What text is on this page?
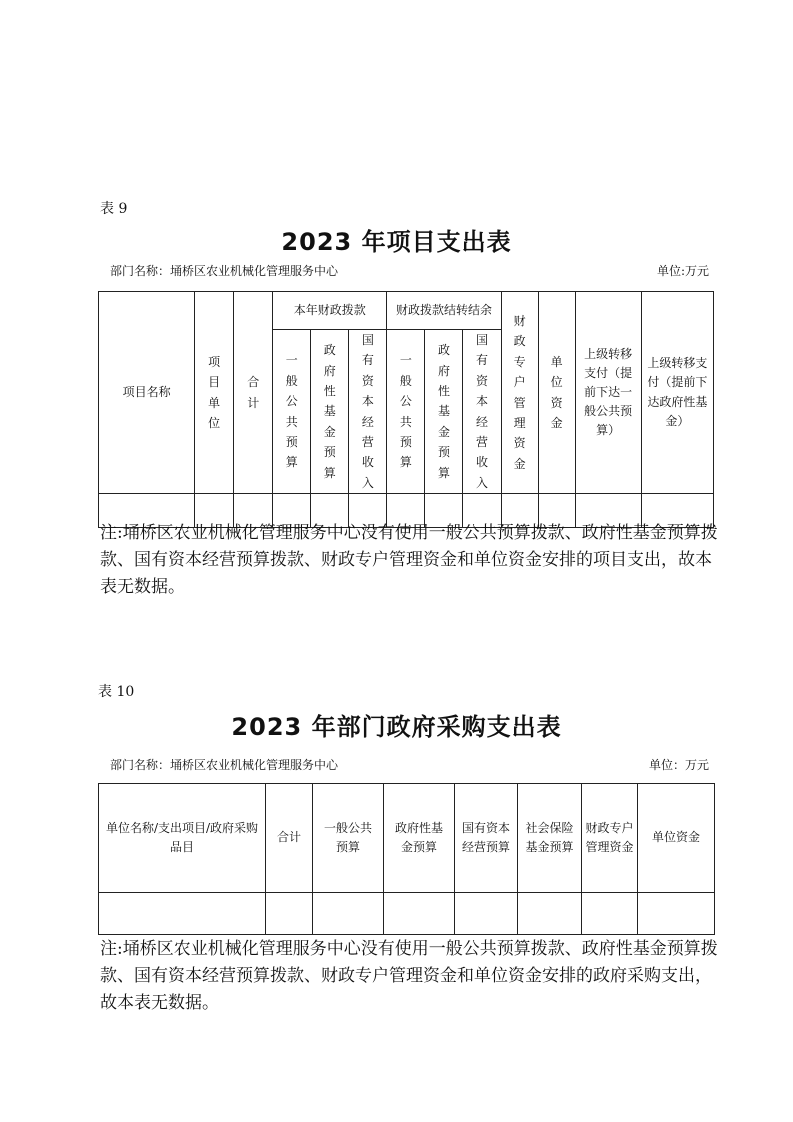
表 9
2023 年项目支出表
部门名称：埇桥区农业机械化管理服务中心	单位:万元
项目名称	项目单位	合计	本年财政拨款			财政拨款结转结余			财政专户管理资金	单位资金	上级转移支付（提前下达一般公共预算）	上级转移支付（提前下达政府性基金）

			一般公共预算	政府性基金预算	国有资本经营收入	一般公共预算	政府性基金预算	国有资本经营收入				

注:埇桥区农业机械化管理服务中心没有使用一般公共预算拨款、政府性基金预算拨款、国有资本经营预算拨款、财政专户管理资金和单位资金安排的项目支出，故本表无数据。
表 10
2023 年部门政府采购支出表
部门名称：埇桥区农业机械化管理服务中心	单位：万元
单位名称/支出项目/政府采购品目	合计	一般公共预算	政府性基金预算	国有资本经营预算	社会保险基金预算	财政专户管理资金	单位资金

注:埇桥区农业机械化管理服务中心没有使用一般公共预算拨款、政府性基金预算拨款、国有资本经营预算拨款、财政专户管理资金和单位资金安排的政府采购支出，故本表无数据。
